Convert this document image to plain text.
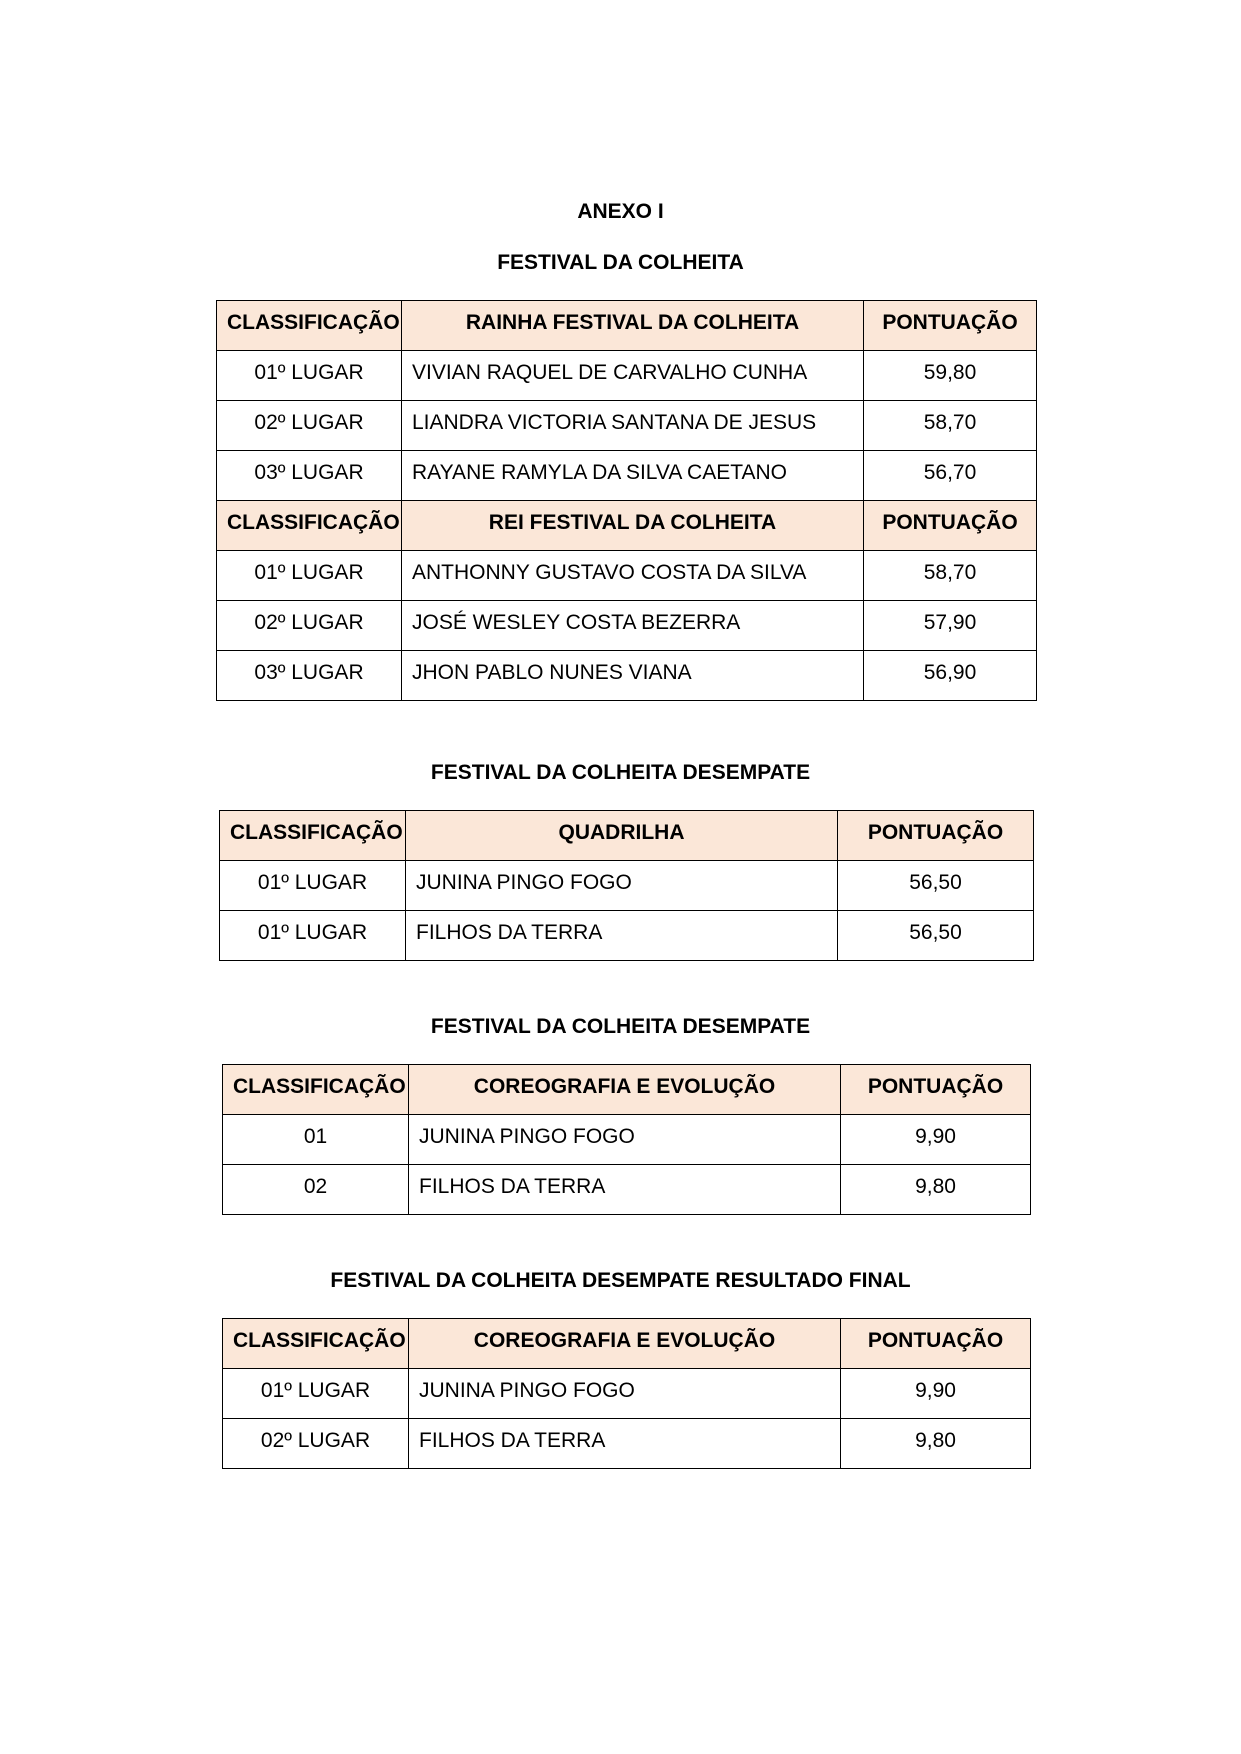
ANEXO I
FESTIVAL DA COLHEITA
CLASSIFICAÇÃO	RAINHA FESTIVAL DA COLHEITA	PONTUAÇÃO
01º LUGAR	VIVIAN RAQUEL DE CARVALHO CUNHA	59,80
02º LUGAR	LIANDRA VICTORIA SANTANA DE JESUS	58,70
03º LUGAR	RAYANE RAMYLA DA SILVA CAETANO	56,70
CLASSIFICAÇÃO	REI FESTIVAL DA COLHEITA	PONTUAÇÃO
01º LUGAR	ANTHONNY GUSTAVO COSTA DA SILVA	58,70
02º LUGAR	JOSÉ WESLEY COSTA BEZERRA	57,90
03º LUGAR	JHON PABLO NUNES VIANA	56,90
FESTIVAL DA COLHEITA DESEMPATE
CLASSIFICAÇÃO	QUADRILHA	PONTUAÇÃO
01º LUGAR	JUNINA PINGO FOGO	56,50
01º LUGAR	FILHOS DA TERRA	56,50
FESTIVAL DA COLHEITA DESEMPATE
CLASSIFICAÇÃO	COREOGRAFIA E EVOLUÇÃO	PONTUAÇÃO
01	JUNINA PINGO FOGO	9,90
02	FILHOS DA TERRA	9,80
FESTIVAL DA COLHEITA DESEMPATE RESULTADO FINAL
CLASSIFICAÇÃO	COREOGRAFIA E EVOLUÇÃO	PONTUAÇÃO
01º LUGAR	JUNINA PINGO FOGO	9,90
02º LUGAR	FILHOS DA TERRA	9,80
